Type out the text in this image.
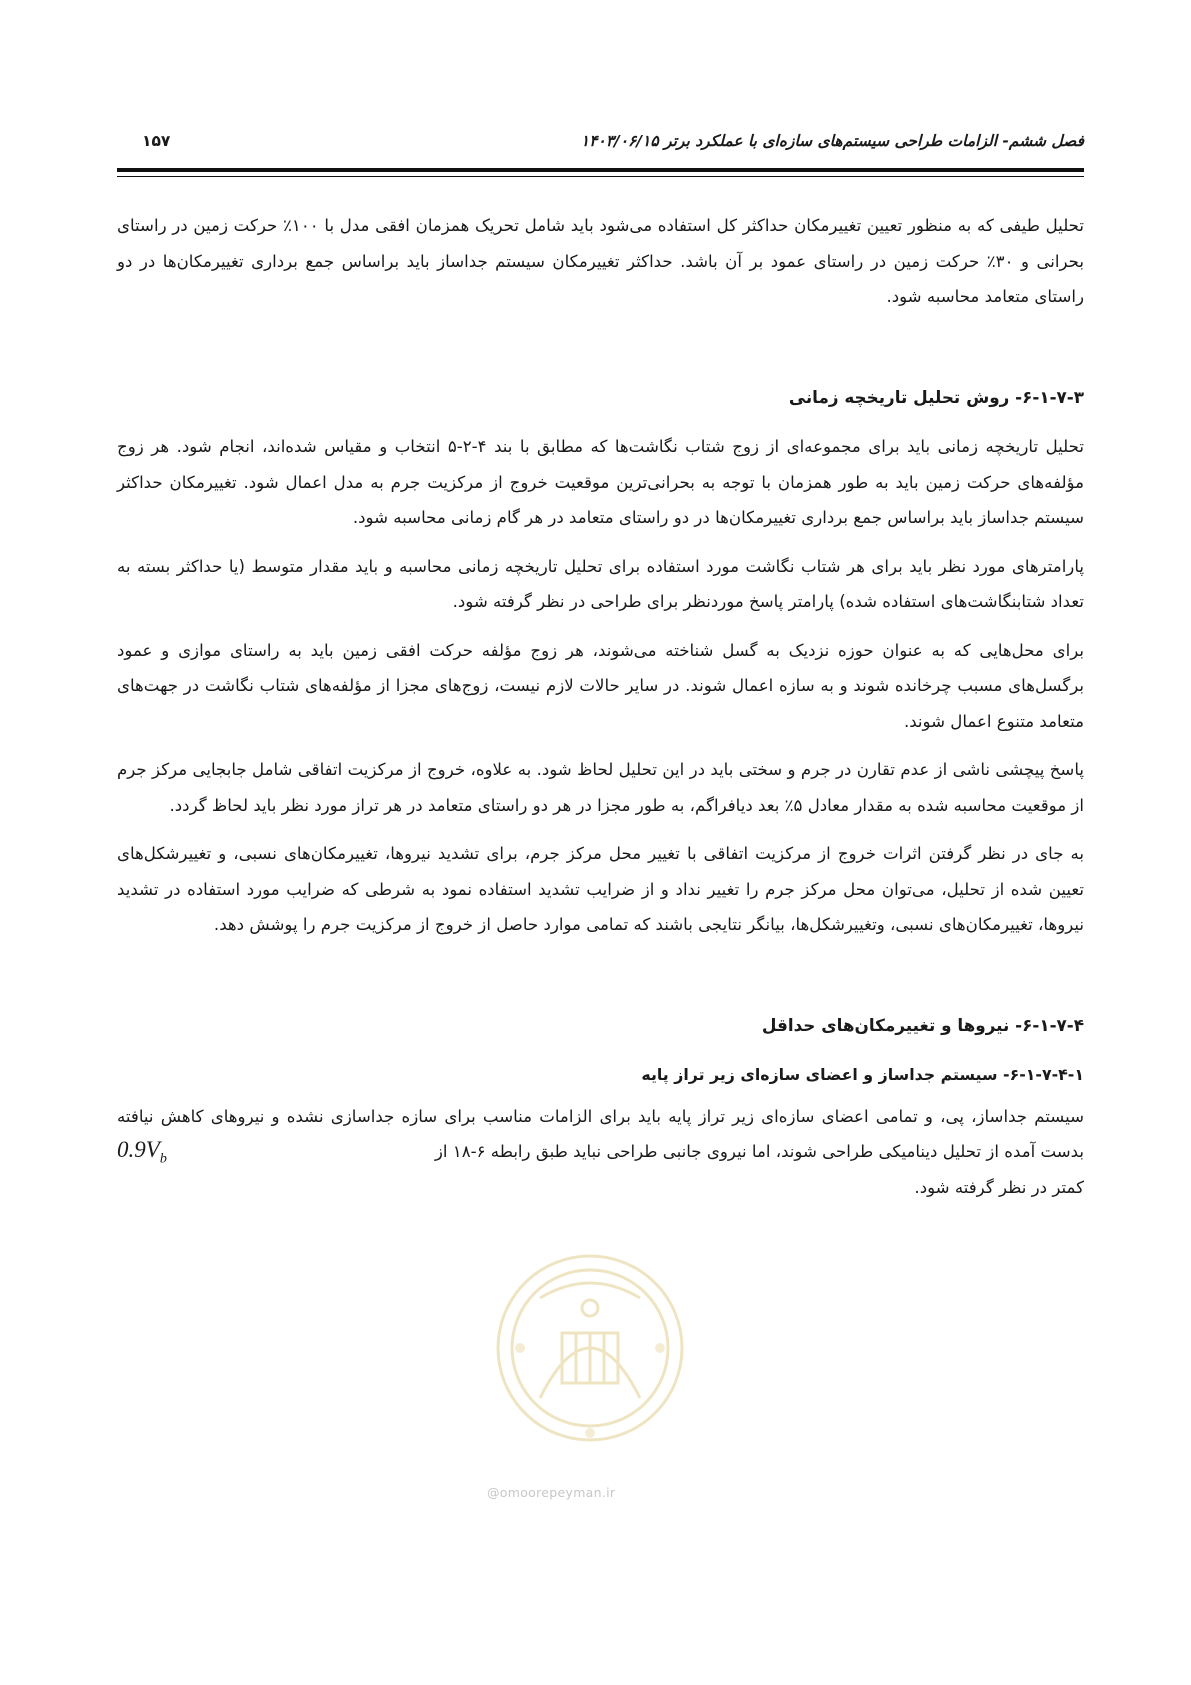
فصل ششم- الزامات طراحی سیستم‌های سازه‌ای با عملکرد برتر ۱۴۰۳/۰۶/۱۵
۱۵۷

تحلیل طیفی که به منظور تعیین تغییرمکان حداکثر کل استفاده می‌شود باید شامل تحریک همزمان افقی مدل با ۱۰۰٪ حرکت زمین در راستای بحرانی و ۳۰٪ حرکت زمین در راستای عمود بر آن باشد. حداکثر تغییرمکان سیستم جداساز باید براساس جمع برداری تغییرمکان‌ها در دو راستای متعامد محاسبه شود.

۶-۱-۷-۳- روش تحلیل تاریخچه زمانی

تحلیل تاریخچه زمانی باید برای مجموعه‌ای از زوج شتاب نگاشت‌ها که مطابق با بند ۴-۲-۵ انتخاب و مقیاس شده‌اند، انجام شود. هر زوج مؤلفه‌های حرکت زمین باید به طور همزمان با توجه به بحرانی‌ترین موقعیت خروج از مرکزیت جرم به مدل اعمال شود. تغییرمکان حداکثر سیستم جداساز باید براساس جمع برداری تغییرمکان‌ها در دو راستای متعامد در هر گام زمانی محاسبه شود.

پارامترهای مورد نظر باید برای هر شتاب نگاشت مورد استفاده برای تحلیل تاریخچه زمانی محاسبه و باید مقدار متوسط (یا حداکثر بسته به تعداد شتابنگاشت‌های استفاده شده) پارامتر پاسخ موردنظر برای طراحی در نظر گرفته شود.

برای محل‌هایی که به عنوان حوزه نزدیک به گسل شناخته می‌شوند، هر زوج مؤلفه حرکت افقی زمین باید به راستای موازی و عمود برگسل‌های مسبب چرخانده شوند و به سازه اعمال شوند. در سایر حالات لازم نیست، زوج‌های مجزا از مؤلفه‌های شتاب نگاشت در جهت‌های متعامد متنوع اعمال شوند.

پاسخ پیچشی ناشی از عدم تقارن در جرم و سختی باید در این تحلیل لحاظ شود. به علاوه، خروج از مرکزیت اتفاقی شامل جابجایی مرکز جرم از موقعیت محاسبه شده به مقدار معادل ۵٪ بعد دیافراگم، به طور مجزا در هر دو راستای متعامد در هر تراز مورد نظر باید لحاظ گردد.

به جای در نظر گرفتن اثرات خروج از مرکزیت اتفاقی با تغییر محل مرکز جرم، برای تشدید نیروها، تغییرمکان‌های نسبی، و تغییرشکل‌های تعیین شده از تحلیل، می‌توان محل مرکز جرم را تغییر نداد و از ضرایب تشدید استفاده نمود به شرطی که ضرایب مورد استفاده در تشدید نیروها، تغییرمکان‌های نسبی، وتغییرشکل‌ها، بیانگر نتایجی باشند که تمامی موارد حاصل از خروج از مرکزیت جرم را پوشش دهد.

۶-۱-۷-۴- نیروها و تغییرمکان‌های حداقل
۶-۱-۷-۴-۱- سیستم جداساز و اعضای سازه‌ای زیر تراز پایه

سیستم جداساز، پی، و تمامی اعضای سازه‌ای زیر تراز پایه باید برای الزامات مناسب برای سازه جداسازی نشده و نیروهای کاهش نیافته بدست آمده از تحلیل دینامیکی طراحی شوند، اما نیروی جانبی طراحی نباید طبق رابطه ۶-۱۸ از
$0.9V_b$

کمتر در نظر گرفته شود.

@omoorepeyman.ir
